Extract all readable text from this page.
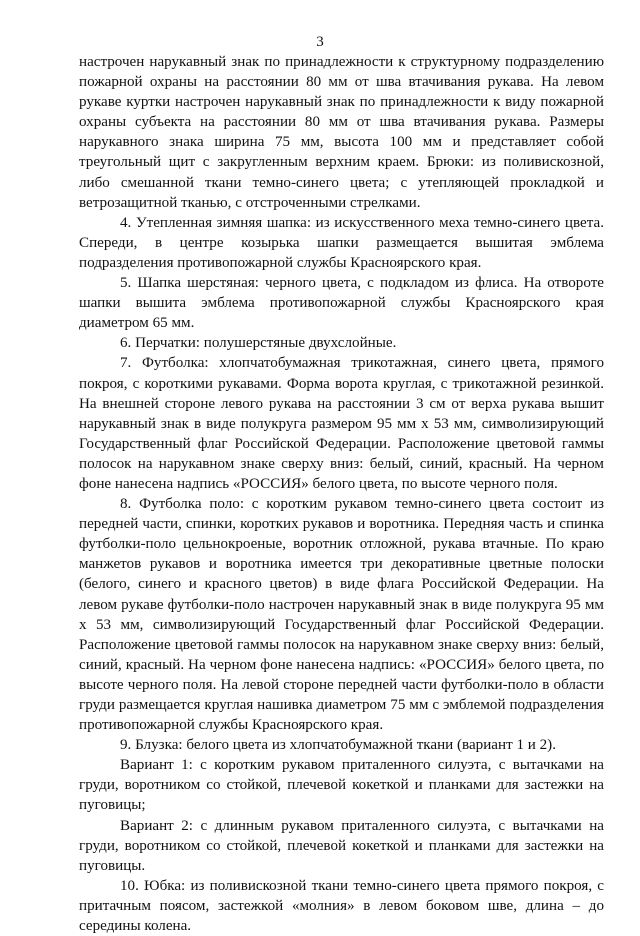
3

настрочен нарукавный знак по принадлежности к структурному подразделению пожарной охраны на расстоянии 80 мм от шва втачивания рукава. На левом рукаве куртки настрочен нарукавный знак по принадлежности к виду пожарной охраны субъекта на расстоянии 80 мм от шва втачивания рукава. Размеры нарукавного знака ширина 75 мм, высота 100 мм и представляет собой треугольный щит с закругленным верхним краем. Брюки: из поливискозной, либо смешанной ткани темно-синего цвета; с утепляющей прокладкой и ветрозащитной тканью, с отстроченными стрелками.

4. Утепленная зимняя шапка: из искусственного меха темно-синего цвета. Спереди, в центре козырька шапки размещается вышитая эмблема подразделения противопожарной службы Красноярского края.

5. Шапка шерстяная: черного цвета, с подкладом из флиса. На отвороте шапки вышита эмблема противопожарной службы Красноярского края диаметром 65 мм.

6. Перчатки: полушерстяные двухслойные.

7. Футболка: хлопчатобумажная трикотажная, синего цвета, прямого покроя, с короткими рукавами. Форма ворота круглая, с трикотажной резинкой. На внешней стороне левого рукава на расстоянии 3 см от верха рукава вышит нарукавный знак в виде полукруга размером 95 мм х 53 мм, символизирующий Государственный флаг Российской Федерации. Расположение цветовой гаммы полосок на нарукавном знаке сверху вниз: белый, синий, красный. На черном фоне нанесена надпись «РОССИЯ» белого цвета, по высоте черного поля.

8. Футболка поло: с коротким рукавом темно-синего цвета состоит из передней части, спинки, коротких рукавов и воротника. Передняя часть и спинка футболки-поло цельнокроеные, воротник отложной, рукава втачные. По краю манжетов рукавов и воротника имеется три декоративные цветные полоски (белого, синего и красного цветов) в виде флага Российской Федерации. На левом рукаве футболки-поло настрочен нарукавный знак в виде полукруга 95 мм х 53 мм, символизирующий Государственный флаг Российской Федерации. Расположение цветовой гаммы полосок на нарукавном знаке сверху вниз: белый, синий, красный. На черном фоне нанесена надпись: «РОССИЯ» белого цвета, по высоте черного поля. На левой стороне передней части футболки-поло в области груди размещается круглая нашивка диаметром 75 мм с эмблемой подразделения противопожарной службы Красноярского края.

9. Блузка: белого цвета из хлопчатобумажной ткани (вариант 1 и 2).

Вариант 1: с коротким рукавом приталенного силуэта, с вытачками на груди, воротником со стойкой, плечевой кокеткой и планками для застежки на пуговицы;

Вариант 2: с длинным рукавом приталенного силуэта, с вытачками на груди, воротником со стойкой, плечевой кокеткой и планками для застежки на пуговицы.

10. Юбка: из поливискозной ткани темно-синего цвета прямого покроя, с притачным поясом, застежкой «молния» в левом боковом шве, длина – до середины колена.
